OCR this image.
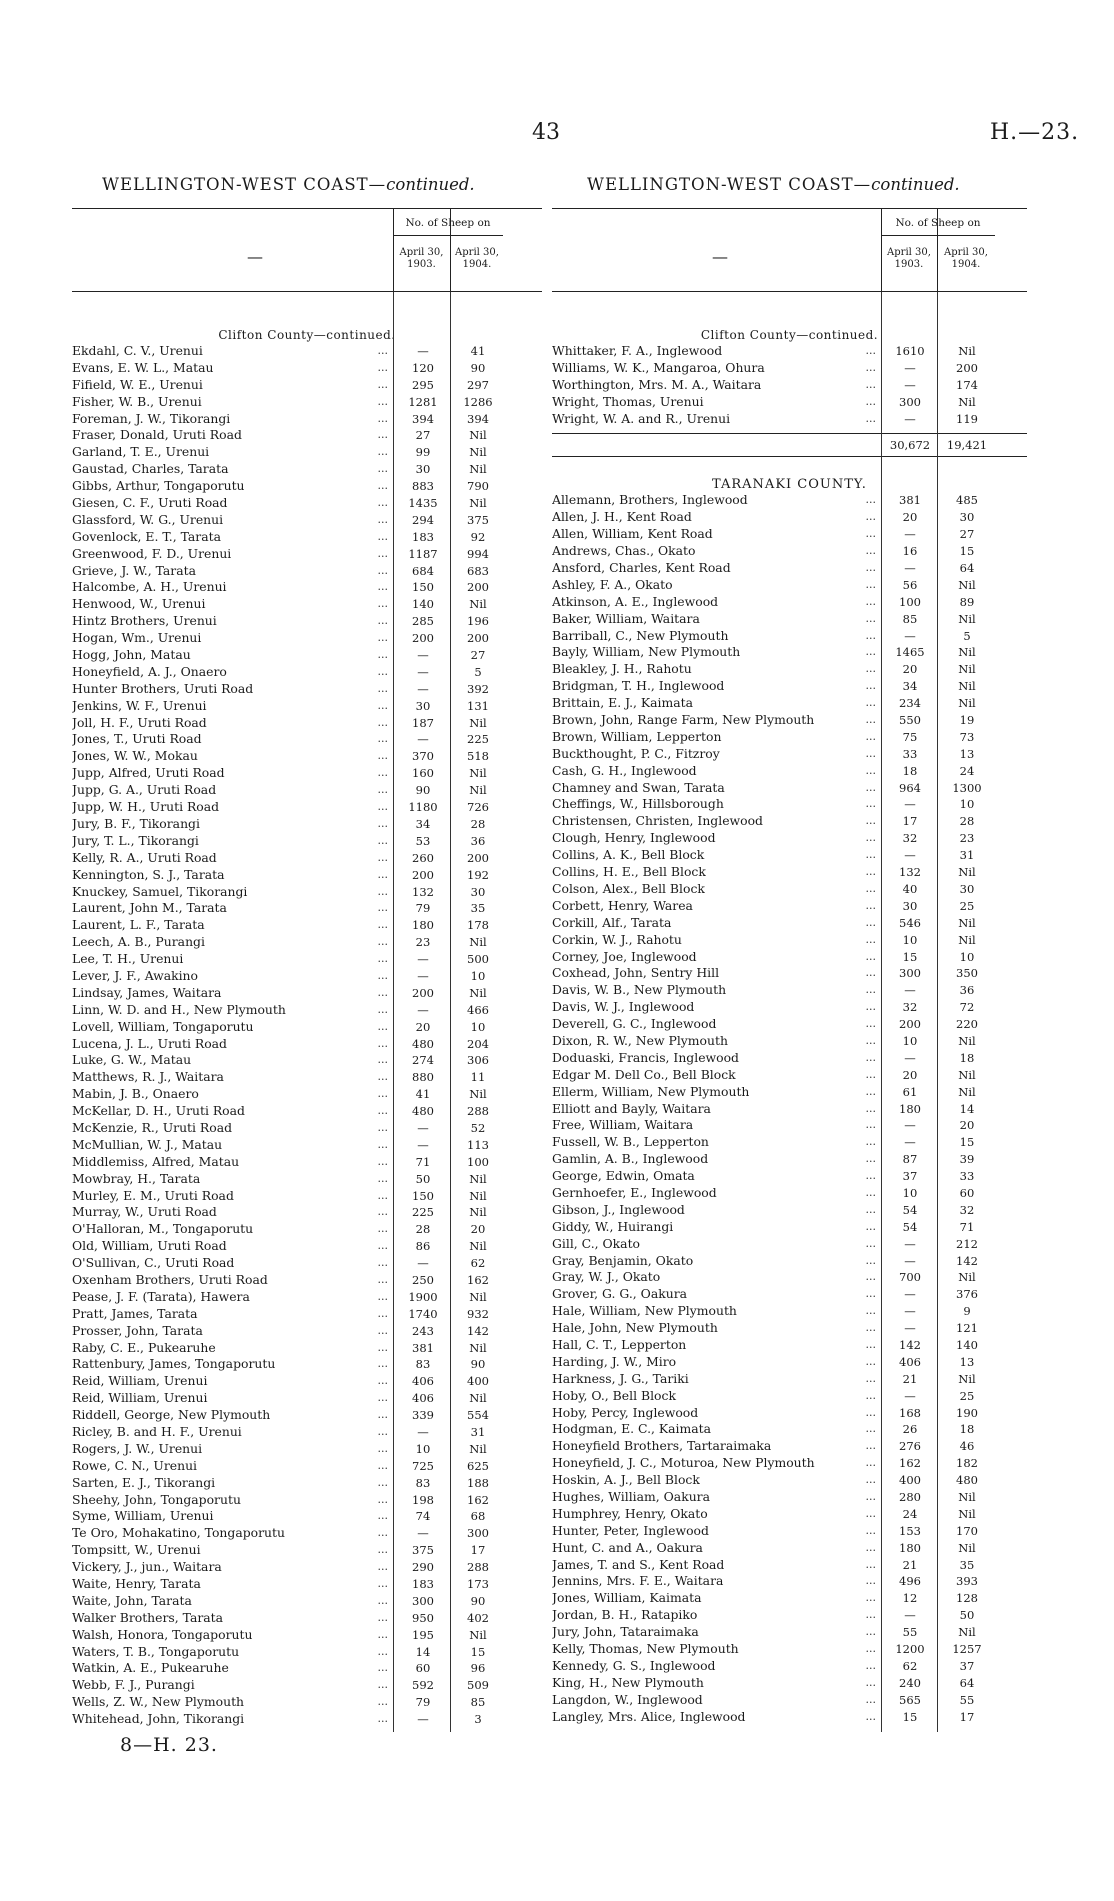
43	H.—23.
WELLINGTON-WEST COAST—continued.
—
No. of Sheep on
April 30,
1903.
April 30,
1904.
Clifton County—continued.
Ekdahl, C. V., Urenui	...	—	41
Evans, E. W. L., Matau	...	120	90
Fifield, W. E., Urenui	...	295	297
Fisher, W. B., Urenui	...	1281	1286
Foreman, J. W., Tikorangi	...	394	394
Fraser, Donald, Uruti Road	...	27	Nil
Garland, T. E., Urenui	...	99	Nil
Gaustad, Charles, Tarata	...	30	Nil
Gibbs, Arthur, Tongaporutu	...	883	790
Giesen, C. F., Uruti Road	...	1435	Nil
Glassford, W. G., Urenui	...	294	375
Govenlock, E. T., Tarata	...	183	92
Greenwood, F. D., Urenui	...	1187	994
Grieve, J. W., Tarata	...	684	683
Halcombe, A. H., Urenui	...	150	200
Henwood, W., Urenui	...	140	Nil
Hintz Brothers, Urenui	...	285	196
Hogan, Wm., Urenui	...	200	200
Hogg, John, Matau	...	—	27
Honeyfield, A. J., Onaero	...	—	5
Hunter Brothers, Uruti Road	...	—	392
Jenkins, W. F., Urenui	...	30	131
Joll, H. F., Uruti Road	...	187	Nil
Jones, T., Uruti Road	...	—	225
Jones, W. W., Mokau	...	370	518
Jupp, Alfred, Uruti Road	...	160	Nil
Jupp, G. A., Uruti Road	...	90	Nil
Jupp, W. H., Uruti Road	...	1180	726
Jury, B. F., Tikorangi	...	34	28
Jury, T. L., Tikorangi	...	53	36
Kelly, R. A., Uruti Road	...	260	200
Kennington, S. J., Tarata	...	200	192
Knuckey, Samuel, Tikorangi	...	132	30
Laurent, John M., Tarata	...	79	35
Laurent, L. F., Tarata	...	180	178
Leech, A. B., Purangi	...	23	Nil
Lee, T. H., Urenui	...	—	500
Lever, J. F., Awakino	...	—	10
Lindsay, James, Waitara	...	200	Nil
Linn, W. D. and H., New Plymouth	...	—	466
Lovell, William, Tongaporutu	...	20	10
Lucena, J. L., Uruti Road	...	480	204
Luke, G. W., Matau	...	274	306
Matthews, R. J., Waitara	...	880	11
Mabin, J. B., Onaero	...	41	Nil
McKellar, D. H., Uruti Road	...	480	288
McKenzie, R., Uruti Road	...	—	52
McMullian, W. J., Matau	...	—	113
Middlemiss, Alfred, Matau	...	71	100
Mowbray, H., Tarata	...	50	Nil
Murley, E. M., Uruti Road	...	150	Nil
Murray, W., Uruti Road	...	225	Nil
O'Halloran, M., Tongaporutu	...	28	20
Old, William, Uruti Road	...	86	Nil
O'Sullivan, C., Uruti Road	...	—	62
Oxenham Brothers, Uruti Road	...	250	162
Pease, J. F. (Tarata), Hawera	...	1900	Nil
Pratt, James, Tarata	...	1740	932
Prosser, John, Tarata	...	243	142
Raby, C. E., Pukearuhe	...	381	Nil
Rattenbury, James, Tongaporutu	...	83	90
Reid, William, Urenui	...	406	400
Reid, William, Urenui	...	406	Nil
Riddell, George, New Plymouth	...	339	554
Ricley, B. and H. F., Urenui	...	—	31
Rogers, J. W., Urenui	...	10	Nil
Rowe, C. N., Urenui	...	725	625
Sarten, E. J., Tikorangi	...	83	188
Sheehy, John, Tongaporutu	...	198	162
Syme, William, Urenui	...	74	68
Te Oro, Mohakatino, Tongaporutu	...	—	300
Tompsitt, W., Urenui	...	375	17
Vickery, J., jun., Waitara	...	290	288
Waite, Henry, Tarata	...	183	173
Waite, John, Tarata	...	300	90
Walker Brothers, Tarata	...	950	402
Walsh, Honora, Tongaporutu	...	195	Nil
Waters, T. B., Tongaporutu	...	14	15
Watkin, A. E., Pukearuhe	...	60	96
Webb, F. J., Purangi	...	592	509
Wells, Z. W., New Plymouth	...	79	85
Whitehead, John, Tikorangi	...	—	3
8—H. 23.
WELLINGTON-WEST COAST—continued.
—
No. of Sheep on
April 30,
1903.
April 30,
1904.
Clifton County—continued.
Whittaker, F. A., Inglewood	...	1610	Nil
Williams, W. K., Mangaroa, Ohura	...	—	200
Worthington, Mrs. M. A., Waitara	...	—	174
Wright, Thomas, Urenui	...	300	Nil
Wright, W. A. and R., Urenui	...	—	119
30,672	19,421
TARANAKI COUNTY.
Allemann, Brothers, Inglewood	...	381	485
Allen, J. H., Kent Road	...	20	30
Allen, William, Kent Road	...	—	27
Andrews, Chas., Okato	...	16	15
Ansford, Charles, Kent Road	...	—	64
Ashley, F. A., Okato	...	56	Nil
Atkinson, A. E., Inglewood	...	100	89
Baker, William, Waitara	...	85	Nil
Barriball, C., New Plymouth	...	—	5
Bayly, William, New Plymouth	...	1465	Nil
Bleakley, J. H., Rahotu	...	20	Nil
Bridgman, T. H., Inglewood	...	34	Nil
Brittain, E. J., Kaimata	...	234	Nil
Brown, John, Range Farm, New Plymouth	...	550	19
Brown, William, Lepperton	...	75	73
Buckthought, P. C., Fitzroy	...	33	13
Cash, G. H., Inglewood	...	18	24
Chamney and Swan, Tarata	...	964	1300
Cheffings, W., Hillsborough	...	—	10
Christensen, Christen, Inglewood	...	17	28
Clough, Henry, Inglewood	...	32	23
Collins, A. K., Bell Block	...	—	31
Collins, H. E., Bell Block	...	132	Nil
Colson, Alex., Bell Block	...	40	30
Corbett, Henry, Warea	...	30	25
Corkill, Alf., Tarata	...	546	Nil
Corkin, W. J., Rahotu	...	10	Nil
Corney, Joe, Inglewood	...	15	10
Coxhead, John, Sentry Hill	...	300	350
Davis, W. B., New Plymouth	...	—	36
Davis, W. J., Inglewood	...	32	72
Deverell, G. C., Inglewood	...	200	220
Dixon, R. W., New Plymouth	...	10	Nil
Doduaski, Francis, Inglewood	...	—	18
Edgar M. Dell Co., Bell Block	...	20	Nil
Ellerm, William, New Plymouth	...	61	Nil
Elliott and Bayly, Waitara	...	180	14
Free, William, Waitara	...	—	20
Fussell, W. B., Lepperton	...	—	15
Gamlin, A. B., Inglewood	...	87	39
George, Edwin, Omata	...	37	33
Gernhoefer, E., Inglewood	...	10	60
Gibson, J., Inglewood	...	54	32
Giddy, W., Huirangi	...	54	71
Gill, C., Okato	...	—	212
Gray, Benjamin, Okato	...	—	142
Gray, W. J., Okato	...	700	Nil
Grover, G. G., Oakura	...	—	376
Hale, William, New Plymouth	...	—	9
Hale, John, New Plymouth	...	—	121
Hall, C. T., Lepperton	...	142	140
Harding, J. W., Miro	...	406	13
Harkness, J. G., Tariki	...	21	Nil
Hoby, O., Bell Block	...	—	25
Hoby, Percy, Inglewood	...	168	190
Hodgman, E. C., Kaimata	...	26	18
Honeyfield Brothers, Tartaraimaka	...	276	46
Honeyfield, J. C., Moturoa, New Plymouth	...	162	182
Hoskin, A. J., Bell Block	...	400	480
Hughes, William, Oakura	...	280	Nil
Humphrey, Henry, Okato	...	24	Nil
Hunter, Peter, Inglewood	...	153	170
Hunt, C. and A., Oakura	...	180	Nil
James, T. and S., Kent Road	...	21	35
Jennins, Mrs. F. E., Waitara	...	496	393
Jones, William, Kaimata	...	12	128
Jordan, B. H., Ratapiko	...	—	50
Jury, John, Tataraimaka	...	55	Nil
Kelly, Thomas, New Plymouth	...	1200	1257
Kennedy, G. S., Inglewood	...	62	37
King, H., New Plymouth	...	240	64
Langdon, W., Inglewood	...	565	55
Langley, Mrs. Alice, Inglewood	...	15	17
